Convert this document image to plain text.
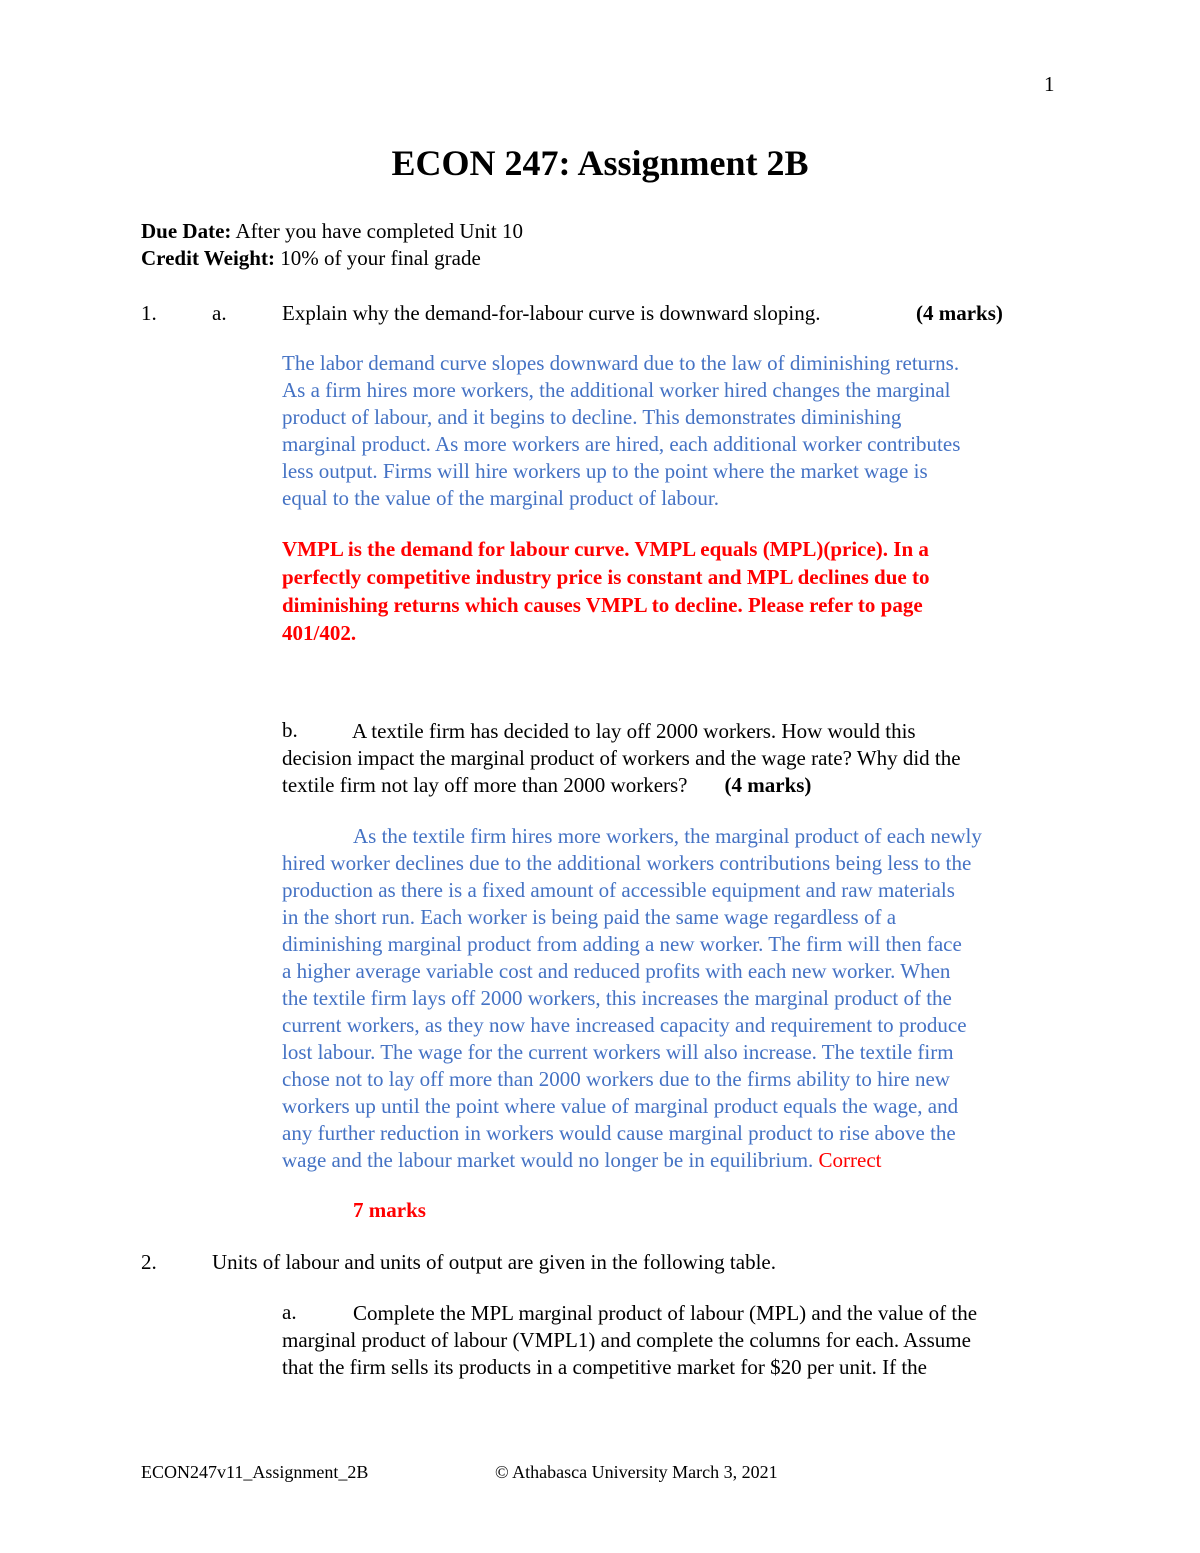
1
ECON 247: Assignment 2B
Due Date: After you have completed Unit 10
Credit Weight: 10% of your final grade
1.	a.	Explain why the demand-for-labour curve is downward sloping.	(4 marks)
The labor demand curve slopes downward due to the law of diminishing returns.
As a firm hires more workers, the additional worker hired changes the marginal
product of labour, and it begins to decline. This demonstrates diminishing
marginal product. As more workers are hired, each additional worker contributes
less output. Firms will hire workers up to the point where the market wage is
equal to the value of the marginal product of labour.
VMPL is the demand for labour curve. VMPL equals (MPL)(price). In a
perfectly competitive industry price is constant and MPL declines due to
diminishing returns which causes VMPL to decline. Please refer to page
401/402.
b.	A textile firm has decided to lay off 2000 workers. How would this
decision impact the marginal product of workers and the wage rate? Why did the
textile firm not lay off more than 2000 workers? (4 marks)
As the textile firm hires more workers, the marginal product of each newly
hired worker declines due to the additional workers contributions being less to the
production as there is a fixed amount of accessible equipment and raw materials
in the short run. Each worker is being paid the same wage regardless of a
diminishing marginal product from adding a new worker. The firm will then face
a higher average variable cost and reduced profits with each new worker. When
the textile firm lays off 2000 workers, this increases the marginal product of the
current workers, as they now have increased capacity and requirement to produce
lost labour. The wage for the current workers will also increase. The textile firm
chose not to lay off more than 2000 workers due to the firms ability to hire new
workers up until the point where value of marginal product equals the wage, and
any further reduction in workers would cause marginal product to rise above the
wage and the labour market would no longer be in equilibrium. Correct
7 marks
2.	Units of labour and units of output are given in the following table.
a.	Complete the MPL marginal product of labour (MPL) and the value of the
marginal product of labour (VMPL1) and complete the columns for each. Assume
that the firm sells its products in a competitive market for $20 per unit. If the
ECON247v11_Assignment_2B	© Athabasca University March 3, 2021
